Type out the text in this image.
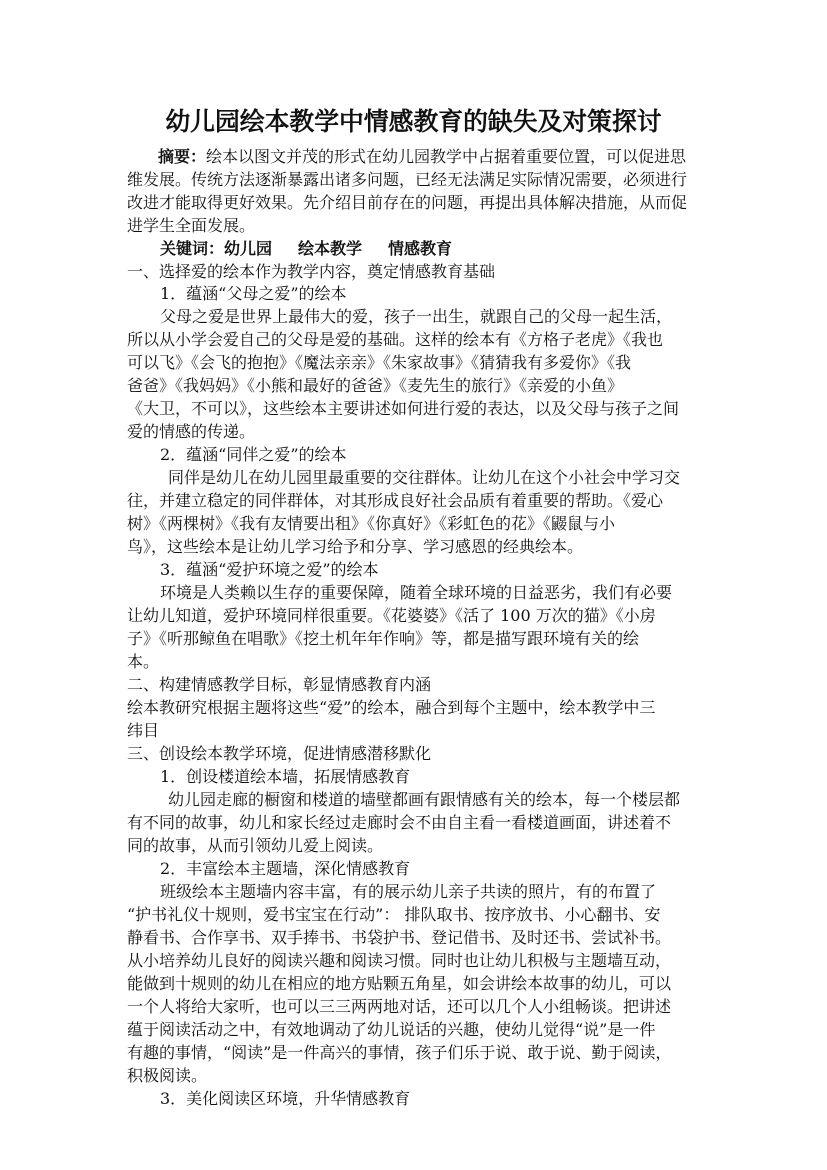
幼儿园绘本教学中情感教育的缺失及对策探讨
摘要：绘本以图文并茂的形式在幼儿园教学中占据着重要位置，可以促进思
维发展。传统方法逐渐暴露出诸多问题，已经无法满足实际情况需要，必须进行
改进才能取得更好效果。先介绍目前存在的问题，再提出具体解决措施，从而促
进学生全面发展。
关键词：幼儿园 绘本教学 情感教育
一、选择爱的绘本作为教学内容，奠定情感教育基础
1．蕴涵“父母之爱”的绘本
父母之爱是世界上最伟大的爱，孩子一出生，就跟自己的父母一起生活，
所以从小学会爱自己的父母是爱的基础。这样的绘本有《方格子老虎》《我也
可以飞》《会飞的抱抱》《魔法亲亲》《朱家故事》《猜猜我有多爱你》《我
爸爸》《我妈妈》《小熊和最好的爸爸》《麦先生的旅行》《亲爱的小鱼》
《大卫，不可以》，这些绘本主要讲述如何进行爱的表达，以及父母与孩子之间
爱的情感的传递。
2．蕴涵“同伴之爱”的绘本
同伴是幼儿在幼儿园里最重要的交往群体。让幼儿在这个小社会中学习交
往，并建立稳定的同伴群体，对其形成良好社会品质有着重要的帮助。《爱心
树》《两棵树》《我有友情要出租》《你真好》《彩虹色的花》《鼹鼠与小
鸟》，这些绘本是让幼儿学习给予和分享、学习感恩的经典绘本。
3．蕴涵“爱护环境之爱”的绘本
环境是人类赖以生存的重要保障，随着全球环境的日益恶劣，我们有必要
让幼儿知道，爱护环境同样很重要。《花婆婆》《活了 100 万次的猫》《小房
子》《听那鲸鱼在唱歌》《挖土机年年作响》等，都是描写跟环境有关的绘
本。
二、构建情感教学目标，彰显情感教育内涵
绘本教研究根据主题将这些“爱”的绘本，融合到每个主题中，绘本教学中三
纬目
三、创设绘本教学环境，促进情感潜移默化
1．创设楼道绘本墙，拓展情感教育
幼儿园走廊的橱窗和楼道的墙壁都画有跟情感有关的绘本，每一个楼层都
有不同的故事，幼儿和家长经过走廊时会不由自主看一看楼道画面，讲述着不
同的故事，从而引领幼儿爱上阅读。
2．丰富绘本主题墙，深化情感教育
班级绘本主题墙内容丰富，有的展示幼儿亲子共读的照片，有的布置了
“护书礼仪十规则，爱书宝宝在行动”： 排队取书、按序放书、小心翻书、安
静看书、合作享书、双手捧书、书袋护书、登记借书、及时还书、尝试补书。
从小培养幼儿良好的阅读兴趣和阅读习惯。同时也让幼儿积极与主题墙互动，
能做到十规则的幼儿在相应的地方贴颗五角星，如会讲绘本故事的幼儿，可以
一个人将给大家听，也可以三三两两地对话，还可以几个人小组畅谈。把讲述
蕴于阅读活动之中，有效地调动了幼儿说话的兴趣，使幼儿觉得“说”是一件
有趣的事情，“阅读”是一件高兴的事情，孩子们乐于说、敢于说、勤于阅读，
积极阅读。
3．美化阅读区环境，升华情感教育
